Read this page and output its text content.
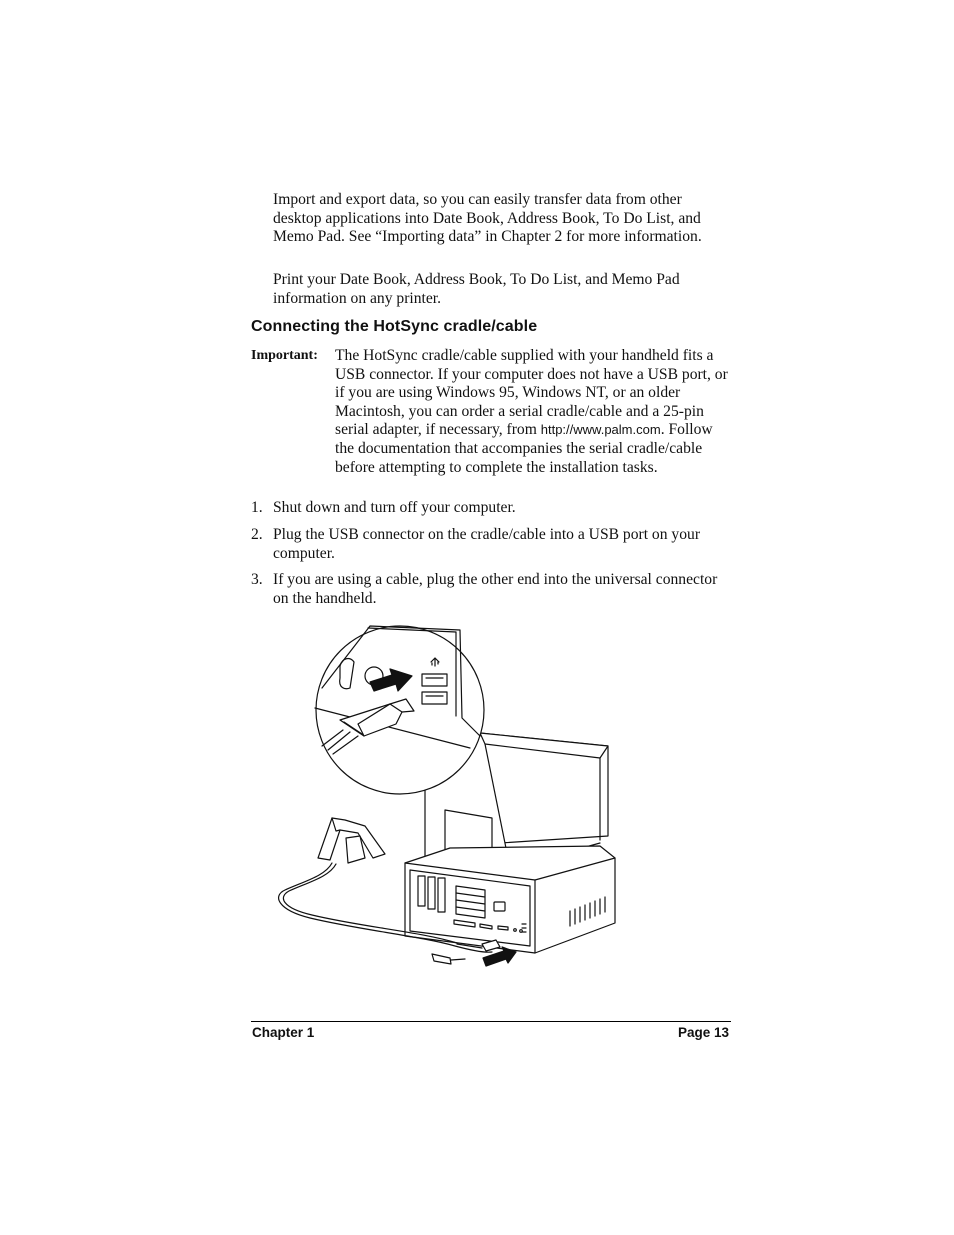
Import and export data, so you can easily transfer data from other desktop applications into Date Book, Address Book, To Do List, and Memo Pad. See “Importing data” in Chapter 2 for more information.

Print your Date Book, Address Book, To Do List, and Memo Pad information on any printer.

Connecting the HotSync cradle/cable
Important: The HotSync cradle/cable supplied with your handheld fits a USB connector. If your computer does not have a USB port, or if you are using Windows 95, Windows NT, or an older Macintosh, you can order a serial cradle/cable and a 25-pin serial adapter, if necessary, from http://www.palm.com. Follow the documentation that accompanies the serial cradle/cable before attempting to complete the installation tasks.

1. Shut down and turn off your computer.

2. Plug the USB connector on the cradle/cable into a USB port on your computer.

3. If you are using a cable, plug the other end into the universal connector on the handheld.

Chapter 1	Page 13
